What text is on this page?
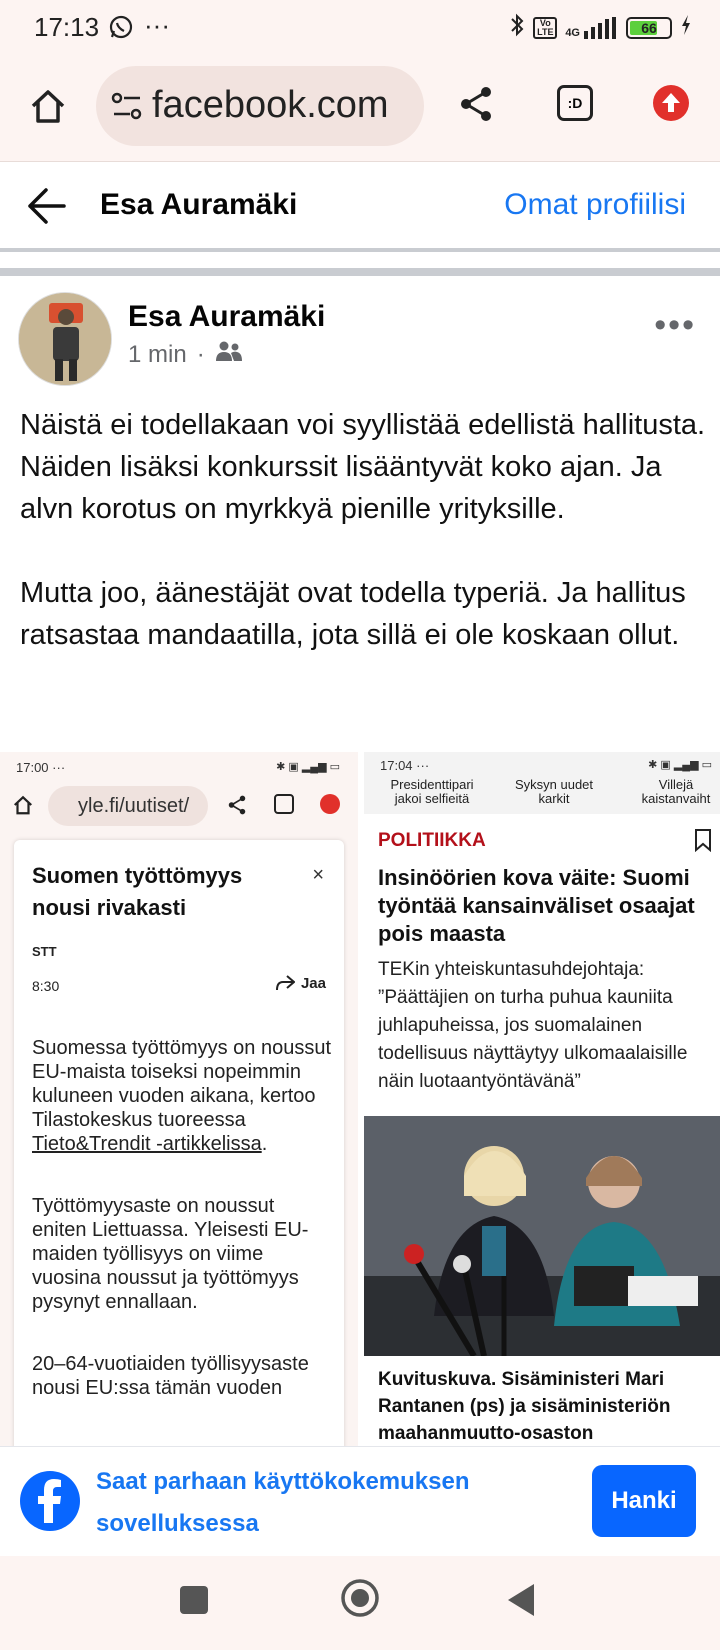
17:13 ···	Vo
LTE	4G	66
facebook.com	:D
Esa Auramäki	Omat profiilisi
Esa Auramäki
1 min ·
•••
Näistä ei todellakaan voi syyllistää edellistä hallitusta. Näiden lisäksi konkurssit lisääntyvät koko ajan. Ja alvn korotus on myrkkyä pienille yrityksille.

Mutta joo, äänestäjät ovat todella typeriä. Ja hallitus ratsastaa mandaatilla, jota sillä ei ole koskaan ollut.
17:00 ···	✱ ▣ ▂▄▆ ▭
yle.fi/uutiset/
Suomen työttömyys nousi rivakasti
×
STT
8:30	Jaa
Suomessa työttömyys on noussut EU-maista toiseksi nopeimmin kuluneen vuoden aikana, kertoo Tilastokeskus tuoreessa Tieto&Trendit -artikkelissa.
Työttömyysaste on noussut eniten Liettuassa. Yleisesti EU-maiden työllisyys on viime vuosina noussut ja työttömyys pysynyt ennallaan.
20–64-vuotiaiden työllisyysaste nousi EU:ssa tämän vuoden
17:04 ···	✱ ▣ ▂▄▆ ▭
Presidenttipari jakoi selfieitä
Syksyn uudet karkit
Villejä kaistanvaiht
POLITIIKKA
Insinöörien kova väite: Suomi työntää kansainväliset osaajat pois maasta
TEKin yhteiskuntasuhdejohtaja: ”Päättäjien on turha puhua kauniita juhlapuheissa, jos suomalainen todellisuus näyttäytyy ulkomaalaisille näin luotaantyöntävänä”
Kuvituskuva. Sisäministeri Mari Rantanen (ps) ja sisäministeriön maahanmuutto-osaston
Saat parhaan käyttökokemuksen sovelluksessa
Hanki
